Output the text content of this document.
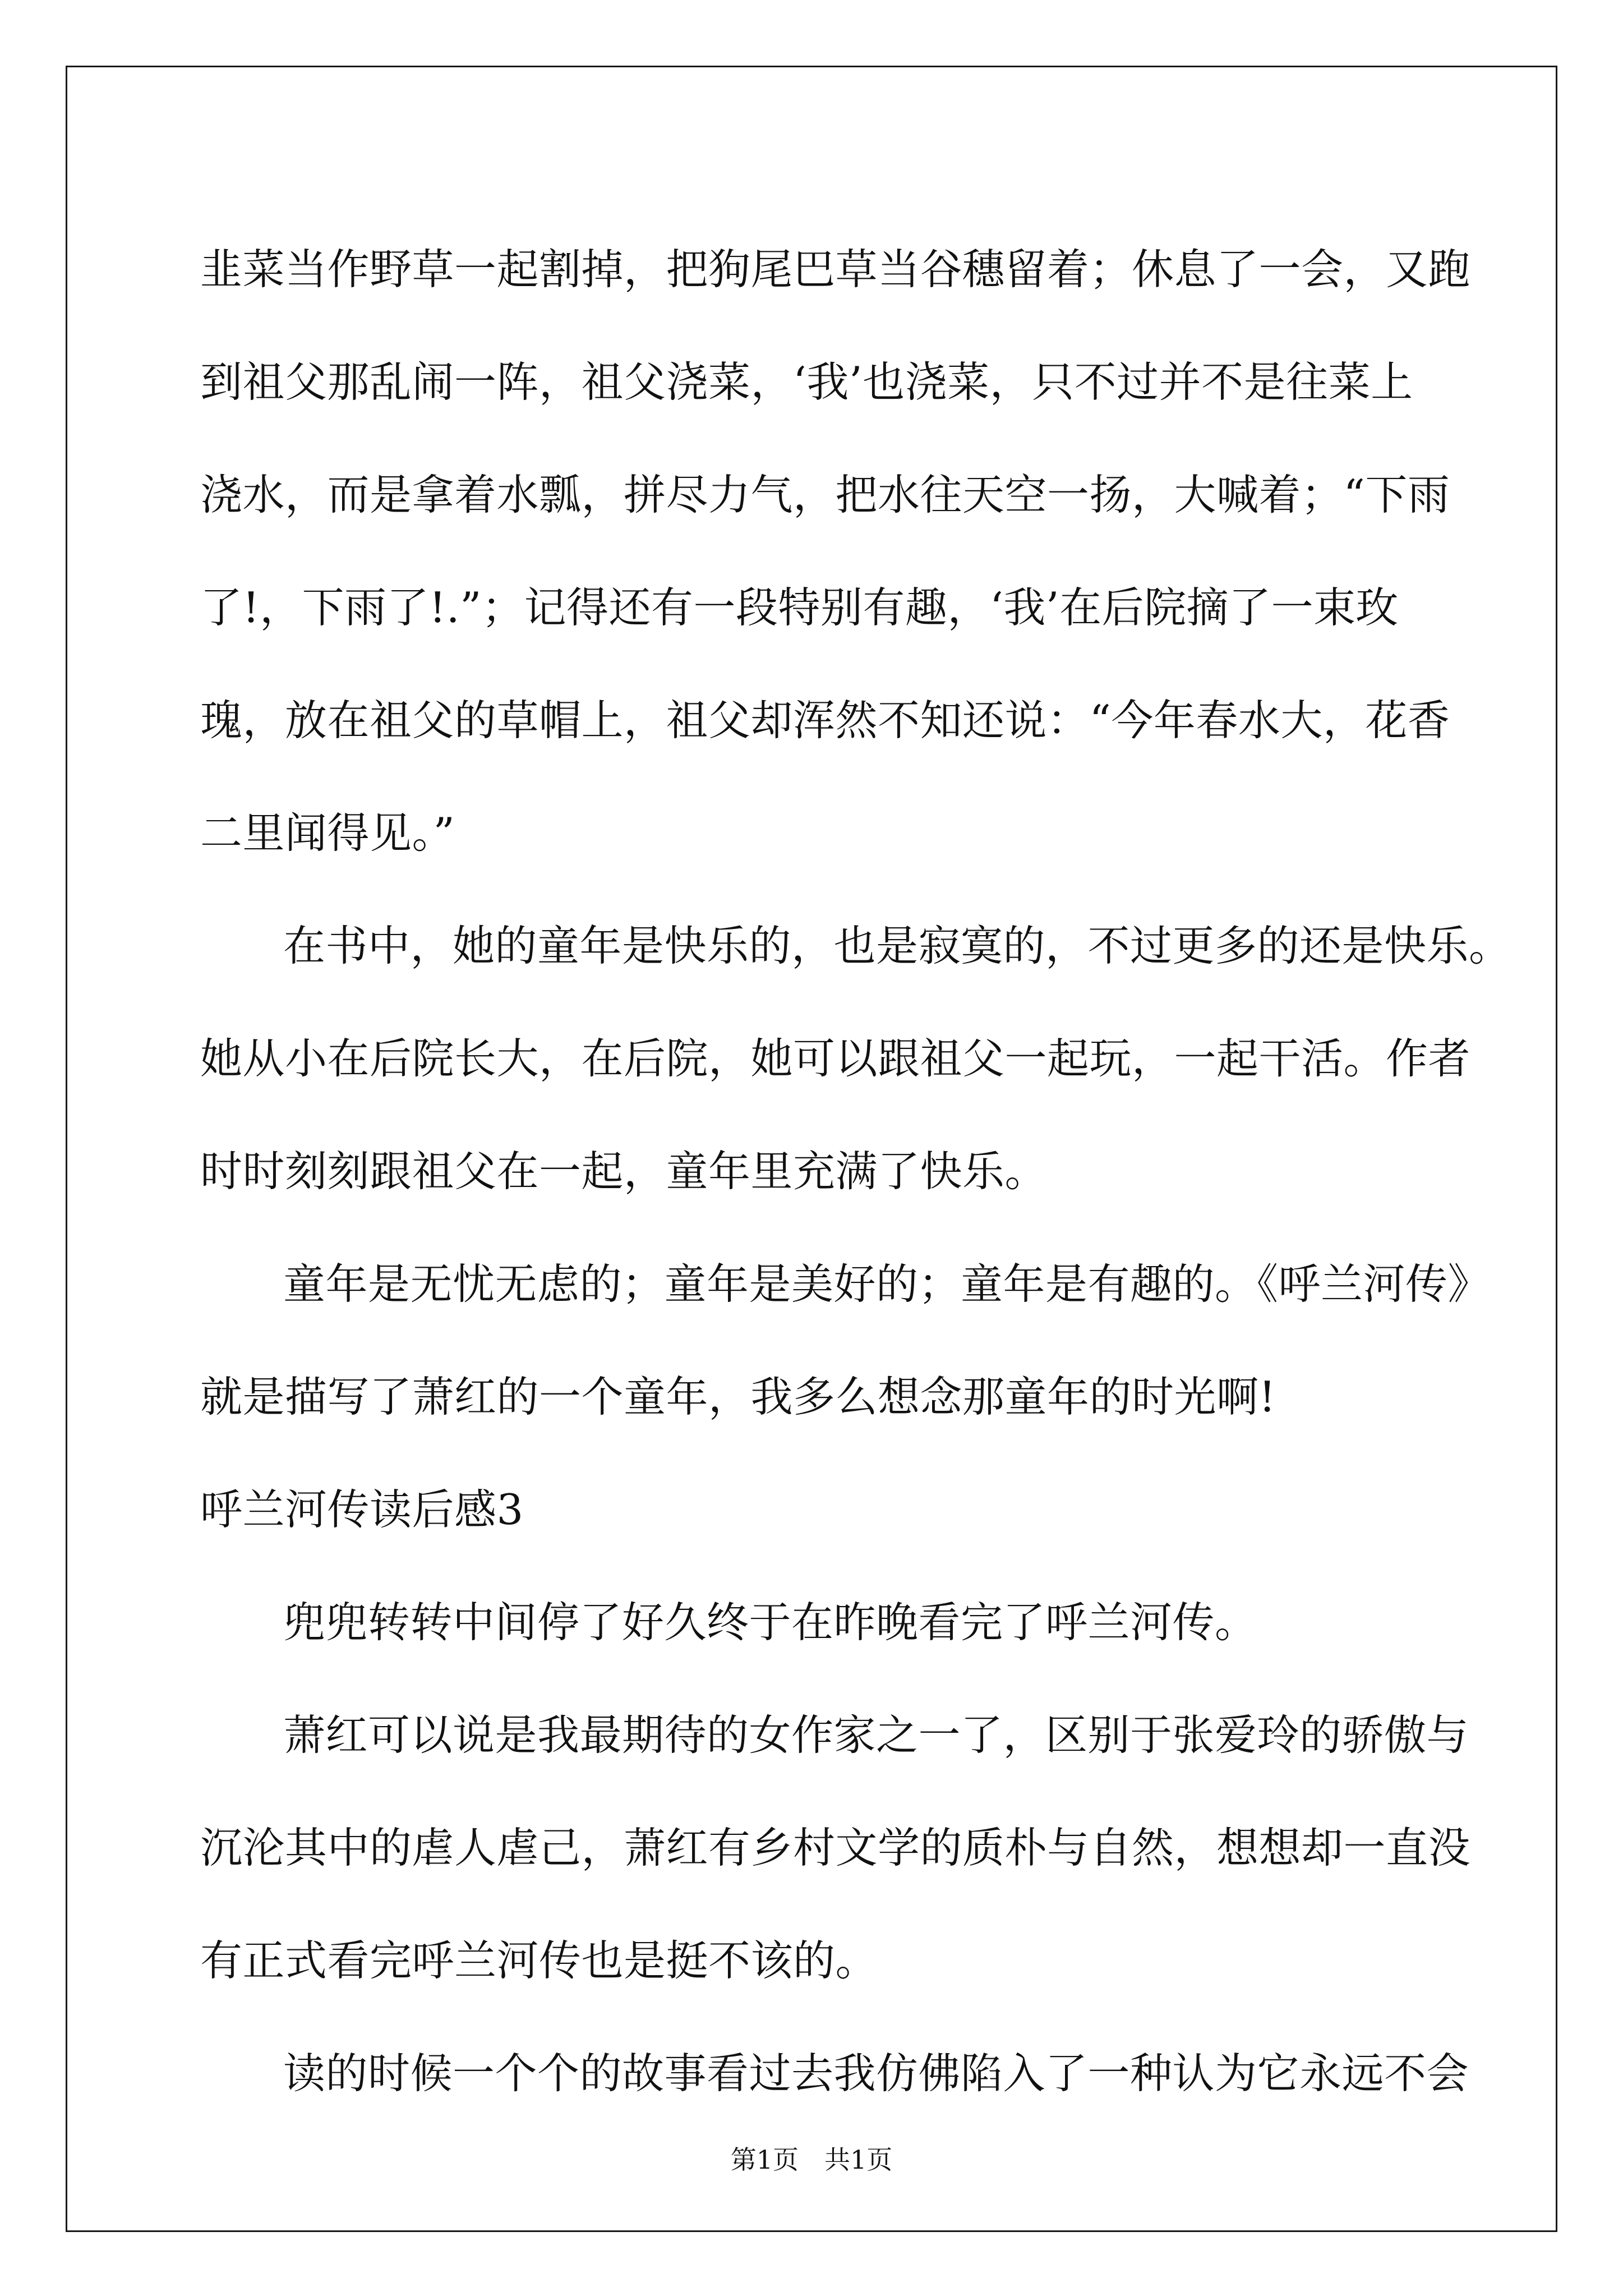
韭菜当作野草一起割掉，把狗尾巴草当谷穗留着；休息了一会，又跑
到祖父那乱闹一阵，祖父浇菜，‘我’也浇菜，只不过并不是往菜上
浇水，而是拿着水瓢，拼尽力气，把水往天空一扬，大喊着；“下雨
了!，下雨了!.”；记得还有一段特别有趣，‘我’在后院摘了一束玫
瑰，放在祖父的草帽上，祖父却浑然不知还说：“今年春水大，花香
二里闻得见。”
在书中，她的童年是快乐的，也是寂寞的，不过更多的还是快乐。
她从小在后院长大，在后院，她可以跟祖父一起玩，一起干活。作者
时时刻刻跟祖父在一起，童年里充满了快乐。
童年是无忧无虑的；童年是美好的；童年是有趣的。《呼兰河传》
就是描写了萧红的一个童年，我多么想念那童年的时光啊!
呼兰河传读后感3
兜兜转转中间停了好久终于在昨晚看完了呼兰河传。
萧红可以说是我最期待的女作家之一了，区别于张爱玲的骄傲与
沉沦其中的虐人虐己，萧红有乡村文学的质朴与自然，想想却一直没
有正式看完呼兰河传也是挺不该的。
读的时候一个个的故事看过去我仿佛陷入了一种认为它永远不会
第1页　共1页
